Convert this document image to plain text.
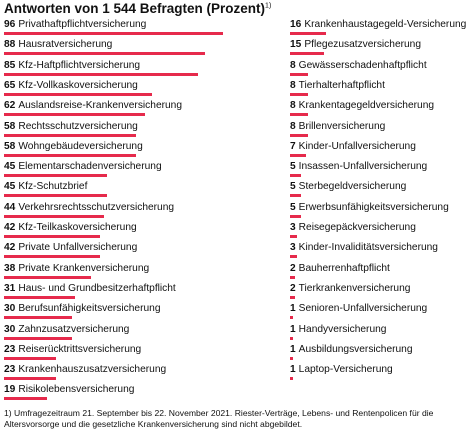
Antworten von 1 544 Befragten (Prozent)$^{1)}$
96 Privathaftpflichtversicherung
88 Hausratversicherung
85 Kfz-Haftpflichtversicherung
65 Kfz-Vollkaskoversicherung
62 Auslandsreise-Krankenversicherung
58 Rechtsschutzversicherung
58 Wohngebäudeversicherung
45 Elementarschadenversicherung
45 Kfz-Schutzbrief
44 Verkehrsrechtsschutzversicherung
42 Kfz-Teilkaskoversicherung
42 Private Unfallversicherung
38 Private Krankenversicherung
31 Haus- und Grundbesitzerhaftpflicht
30 Berufsunfähigkeitsversicherung
30 Zahnzusatzversicherung
23 Reiserücktrittsversicherung
23 Krankenhauszusatzversicherung
19 Risikolebensversicherung
16 Krankenhaustagegeld-Versicherung
15 Pflegezusatzversicherung
8 Gewässerschadenhaftpflicht
8 Tierhalterhaftpflicht
8 Krankentagegeldversicherung
8 Brillenversicherung
7 Kinder-Unfallversicherung
5 Insassen-Unfallversicherung
5 Sterbegeldversicherung
5 Erwerbsunfähigkeitsversicherung
3 Reisegepäckversicherung
3 Kinder-Invaliditätsversicherung
2 Bauherrenhaftpflicht
2 Tierkrankenversicherung
1 Senioren-Unfallversicherung
1 Handyversicherung
1 Ausbildungsversicherung
1 Laptop-Versicherung
1) Umfragezeitraum 21. September bis 22. November 2021. Riester-Verträge, Lebens- und Rentenpolicen für die Altersvorsorge und die gesetzliche Krankenversicherung sind nicht abgebildet.
